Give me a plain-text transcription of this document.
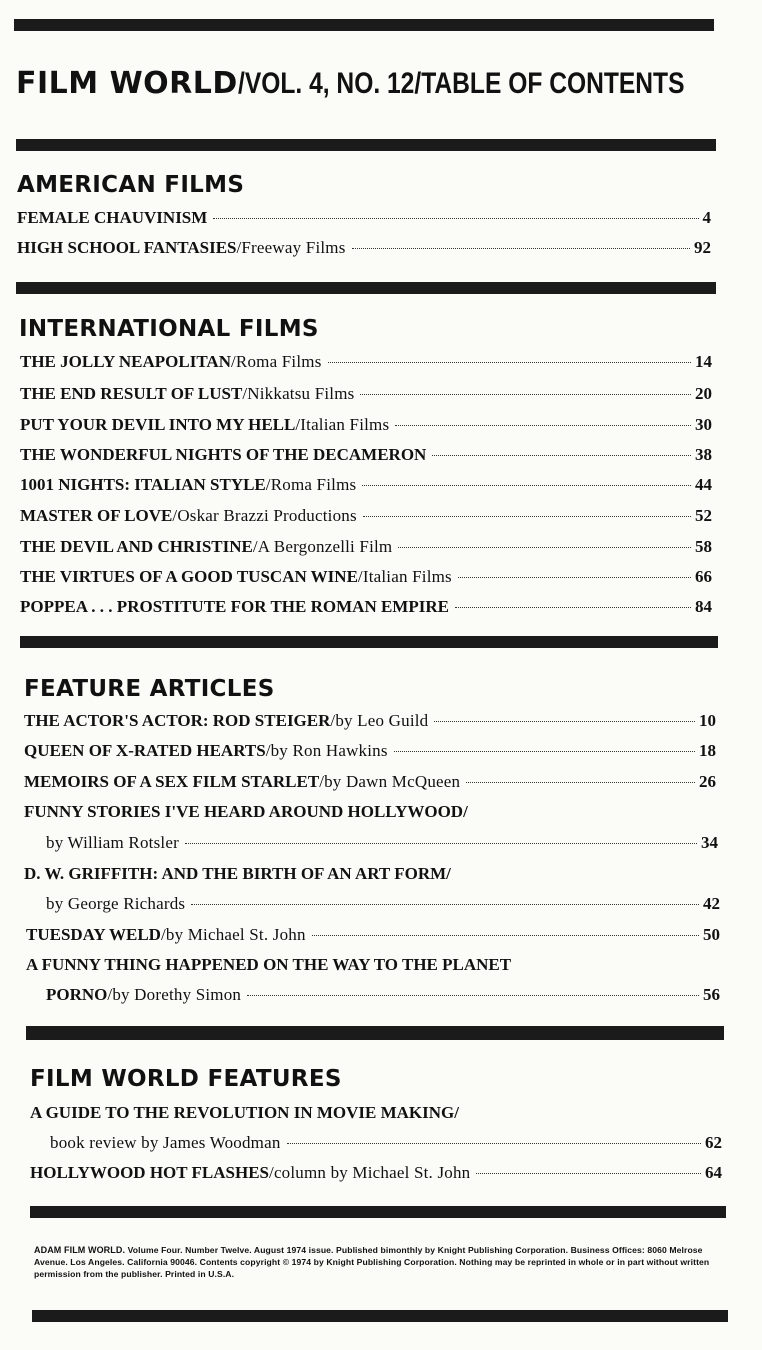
FILM WORLD/VOL. 4, NO. 12/TABLE OF CONTENTS
AMERICAN FILMS
FEMALE CHAUVINISM	4
HIGH SCHOOL FANTASIES /Freeway Films	92
INTERNATIONAL FILMS
THE JOLLY NEAPOLITAN /Roma Films	14
THE END RESULT OF LUST /Nikkatsu Films	20
PUT YOUR DEVIL INTO MY HELL /Italian Films	30
THE WONDERFUL NIGHTS OF THE DECAMERON	38
1001 NIGHTS: ITALIAN STYLE /Roma Films	44
MASTER OF LOVE /Oskar Brazzi Productions	52
THE DEVIL AND CHRISTINE /A Bergonzelli Film	58
THE VIRTUES OF A GOOD TUSCAN WINE /Italian Films	66
POPPEA . . . PROSTITUTE FOR THE ROMAN EMPIRE	84
FEATURE ARTICLES
THE ACTOR'S ACTOR: ROD STEIGER /by Leo Guild	10
QUEEN OF X-RATED HEARTS /by Ron Hawkins	18
MEMOIRS OF A SEX FILM STARLET /by Dawn McQueen	26
FUNNY STORIES I'VE HEARD AROUND HOLLYWOOD/
by William Rotsler	34
D. W. GRIFFITH: AND THE BIRTH OF AN ART FORM/
by George Richards	42
TUESDAY WELD /by Michael St. John	50
A FUNNY THING HAPPENED ON THE WAY TO THE PLANET
PORNO /by Dorethy Simon	56
FILM WORLD FEATURES
A GUIDE TO THE REVOLUTION IN MOVIE MAKING/
book review by James Woodman	62
HOLLYWOOD HOT FLASHES /column by Michael St. John	64
ADAM FILM WORLD. Volume Four. Number Twelve. August 1974 issue. Published bimonthly by Knight Publishing Corporation. Business Offices: 8060 Melrose Avenue. Los Angeles. California 90046. Contents copyright © 1974 by Knight Publishing Corporation. Nothing may be reprinted in whole or in part without written permission from the publisher. Printed in U.S.A.
